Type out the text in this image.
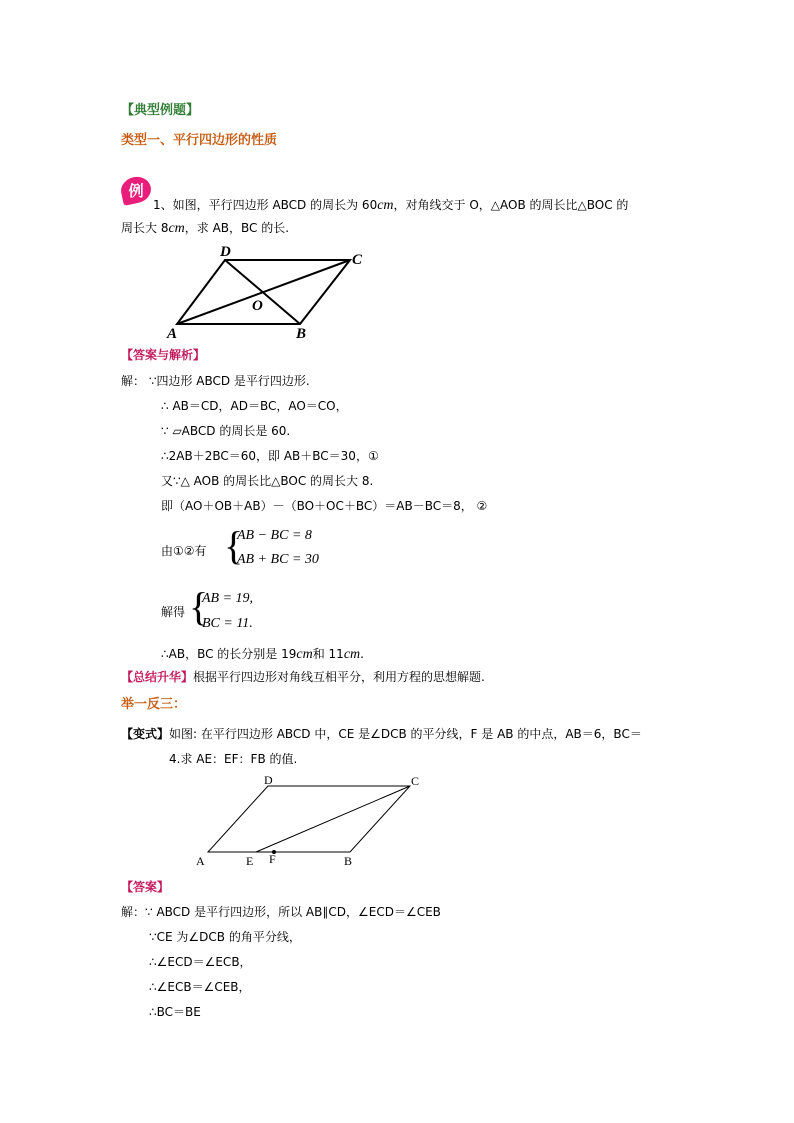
【典型例题】
类型一、平行四边形的性质
例
1、如图，平行四边形 ABCD 的周长为 60cm，对角线交于 O，△AOB 的周长比△BOC 的
周长大 8cm，求 AB，BC 的长.
A	B
C
D
O
【答案与解析】
解： ∵四边形 ABCD 是平行四边形.
∴ AB＝CD，AD＝BC，AO＝CO，
∵ ▱ABCD 的周长是 60.
∴2AB＋2BC＝60，即 AB＋BC＝30，①
又∵△ AOB 的周长比△BOC 的周长大 8.
即（AO＋OB＋AB）－（BO＋OC＋BC）＝AB－BC＝8， ②
由①②有 {
AB − BC = 8
AB + BC = 30
解得 {
AB = 19,
BC = 11.
∴AB，BC 的长分别是 19cm和 11cm.
【总结升华】根据平行四边形对角线互相平分，利用方程的思想解题.
举一反三：
【变式】如图: 在平行四边形 ABCD 中，CE 是∠DCB 的平分线，F 是 AB 的中点，AB＝6，BC＝
4.求 AE：EF：FB 的值.
A	E F	B
C
D
【答案】
解：∵ ABCD 是平行四边形，所以 AB∥CD，∠ECD＝∠CEB
∵CE 为∠DCB 的角平分线，
∴∠ECD＝∠ECB，
∴∠ECB＝∠CEB，
∴BC＝BE
